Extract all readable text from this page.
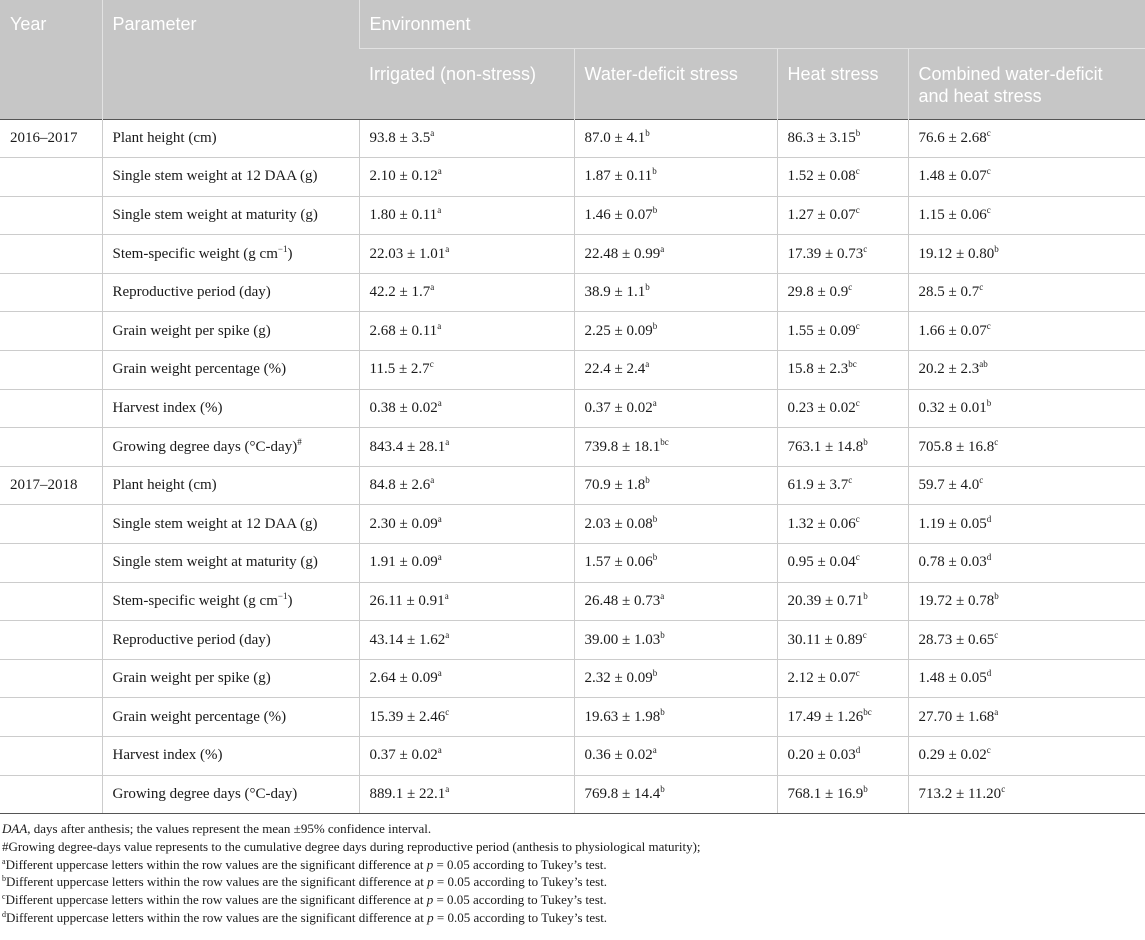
Year	Parameter	Environment			
		Irrigated (non-stress)	Water-deficit stress	Heat stress	Combined water-deficit and heat stress
2016–2017	Plant height (cm)	93.8 ± 3.5$^a$	87.0 ± 4.1$^b$	86.3 ± 3.15$^b$	76.6 ± 2.68$^c$
	Single stem weight at 12 DAA (g)	2.10 ± 0.12$^a$	1.87 ± 0.11$^b$	1.52 ± 0.08$^c$	1.48 ± 0.07$^c$
	Single stem weight at maturity (g)	1.80 ± 0.11$^a$	1.46 ± 0.07$^b$	1.27 ± 0.07$^c$	1.15 ± 0.06$^c$
	Stem-specific weight (g $cm^{-1}$)	22.03 ± 1.01$^a$	22.48 ± 0.99$^a$	17.39 ± 0.73$^c$	19.12 ± 0.80$^b$
	Reproductive period (day)	42.2 ± 1.7$^a$	38.9 ± 1.1$^b$	29.8 ± 0.9$^c$	28.5 ± 0.7$^c$
	Grain weight per spike (g)	2.68 ± 0.11$^a$	2.25 ± 0.09$^b$	1.55 ± 0.09$^c$	1.66 ± 0.07$^c$
	Grain weight percentage (%)	11.5 ± 2.7$^c$	22.4 ± 2.4$^a$	15.8 ± 2.3$^{bc}$	20.2 ± 2.3$^{ab}$
	Harvest index (%)	0.38 ± 0.02$^a$	0.37 ± 0.02$^a$	0.23 ± 0.02$^c$	0.32 ± 0.01$^b$
	Growing degree days (°C-day)#	843.4 ± 28.1$^a$	739.8 ± 18.1$^{bc}$	763.1 ± 14.8$^b$	705.8 ± 16.8$^c$
2017–2018	Plant height (cm)	84.8 ± 2.6$^a$	70.9 ± 1.8$^b$	61.9 ± 3.7$^c$	59.7 ± 4.0$^c$
	Single stem weight at 12 DAA (g)	2.30 ± 0.09$^a$	2.03 ± 0.08$^b$	1.32 ± 0.06$^c$	1.19 ± 0.05$^d$
	Single stem weight at maturity (g)	1.91 ± 0.09$^a$	1.57 ± 0.06$^b$	0.95 ± 0.04$^c$	0.78 ± 0.03$^d$
	Stem-specific weight (g $cm^{-1}$)	26.11 ± 0.91$^a$	26.48 ± 0.73$^a$	20.39 ± 0.71$^b$	19.72 ± 0.78$^b$
	Reproductive period (day)	43.14 ± 1.62$^a$	39.00 ± 1.03$^b$	30.11 ± 0.89$^c$	28.73 ± 0.65$^c$
	Grain weight per spike (g)	2.64 ± 0.09$^a$	2.32 ± 0.09$^b$	2.12 ± 0.07$^c$	1.48 ± 0.05$^d$
	Grain weight percentage (%)	15.39 ± 2.46$^c$	19.63 ± 1.98$^b$	17.49 ± 1.26$^{bc}$	27.70 ± 1.68$^a$
	Harvest index (%)	0.37 ± 0.02$^a$	0.36 ± 0.02$^a$	0.20 ± 0.03$^d$	0.29 ± 0.02$^c$
	Growing degree days (°C-day)	889.1 ± 22.1$^a$	769.8 ± 14.4$^b$	768.1 ± 16.9$^b$	713.2 ± 11.20$^c$
DAA, days after anthesis; the values represent the mean ±95% confidence interval.
#Growing degree-days value represents to the cumulative degree days during reproductive period (anthesis to physiological maturity);
$^a$Different uppercase letters within the row values are the significant difference at p = 0.05 according to Tukey’s test.
$^b$Different uppercase letters within the row values are the significant difference at p = 0.05 according to Tukey’s test.
$^c$Different uppercase letters within the row values are the significant difference at p = 0.05 according to Tukey’s test.
$^d$Different uppercase letters within the row values are the significant difference at p = 0.05 according to Tukey’s test.
